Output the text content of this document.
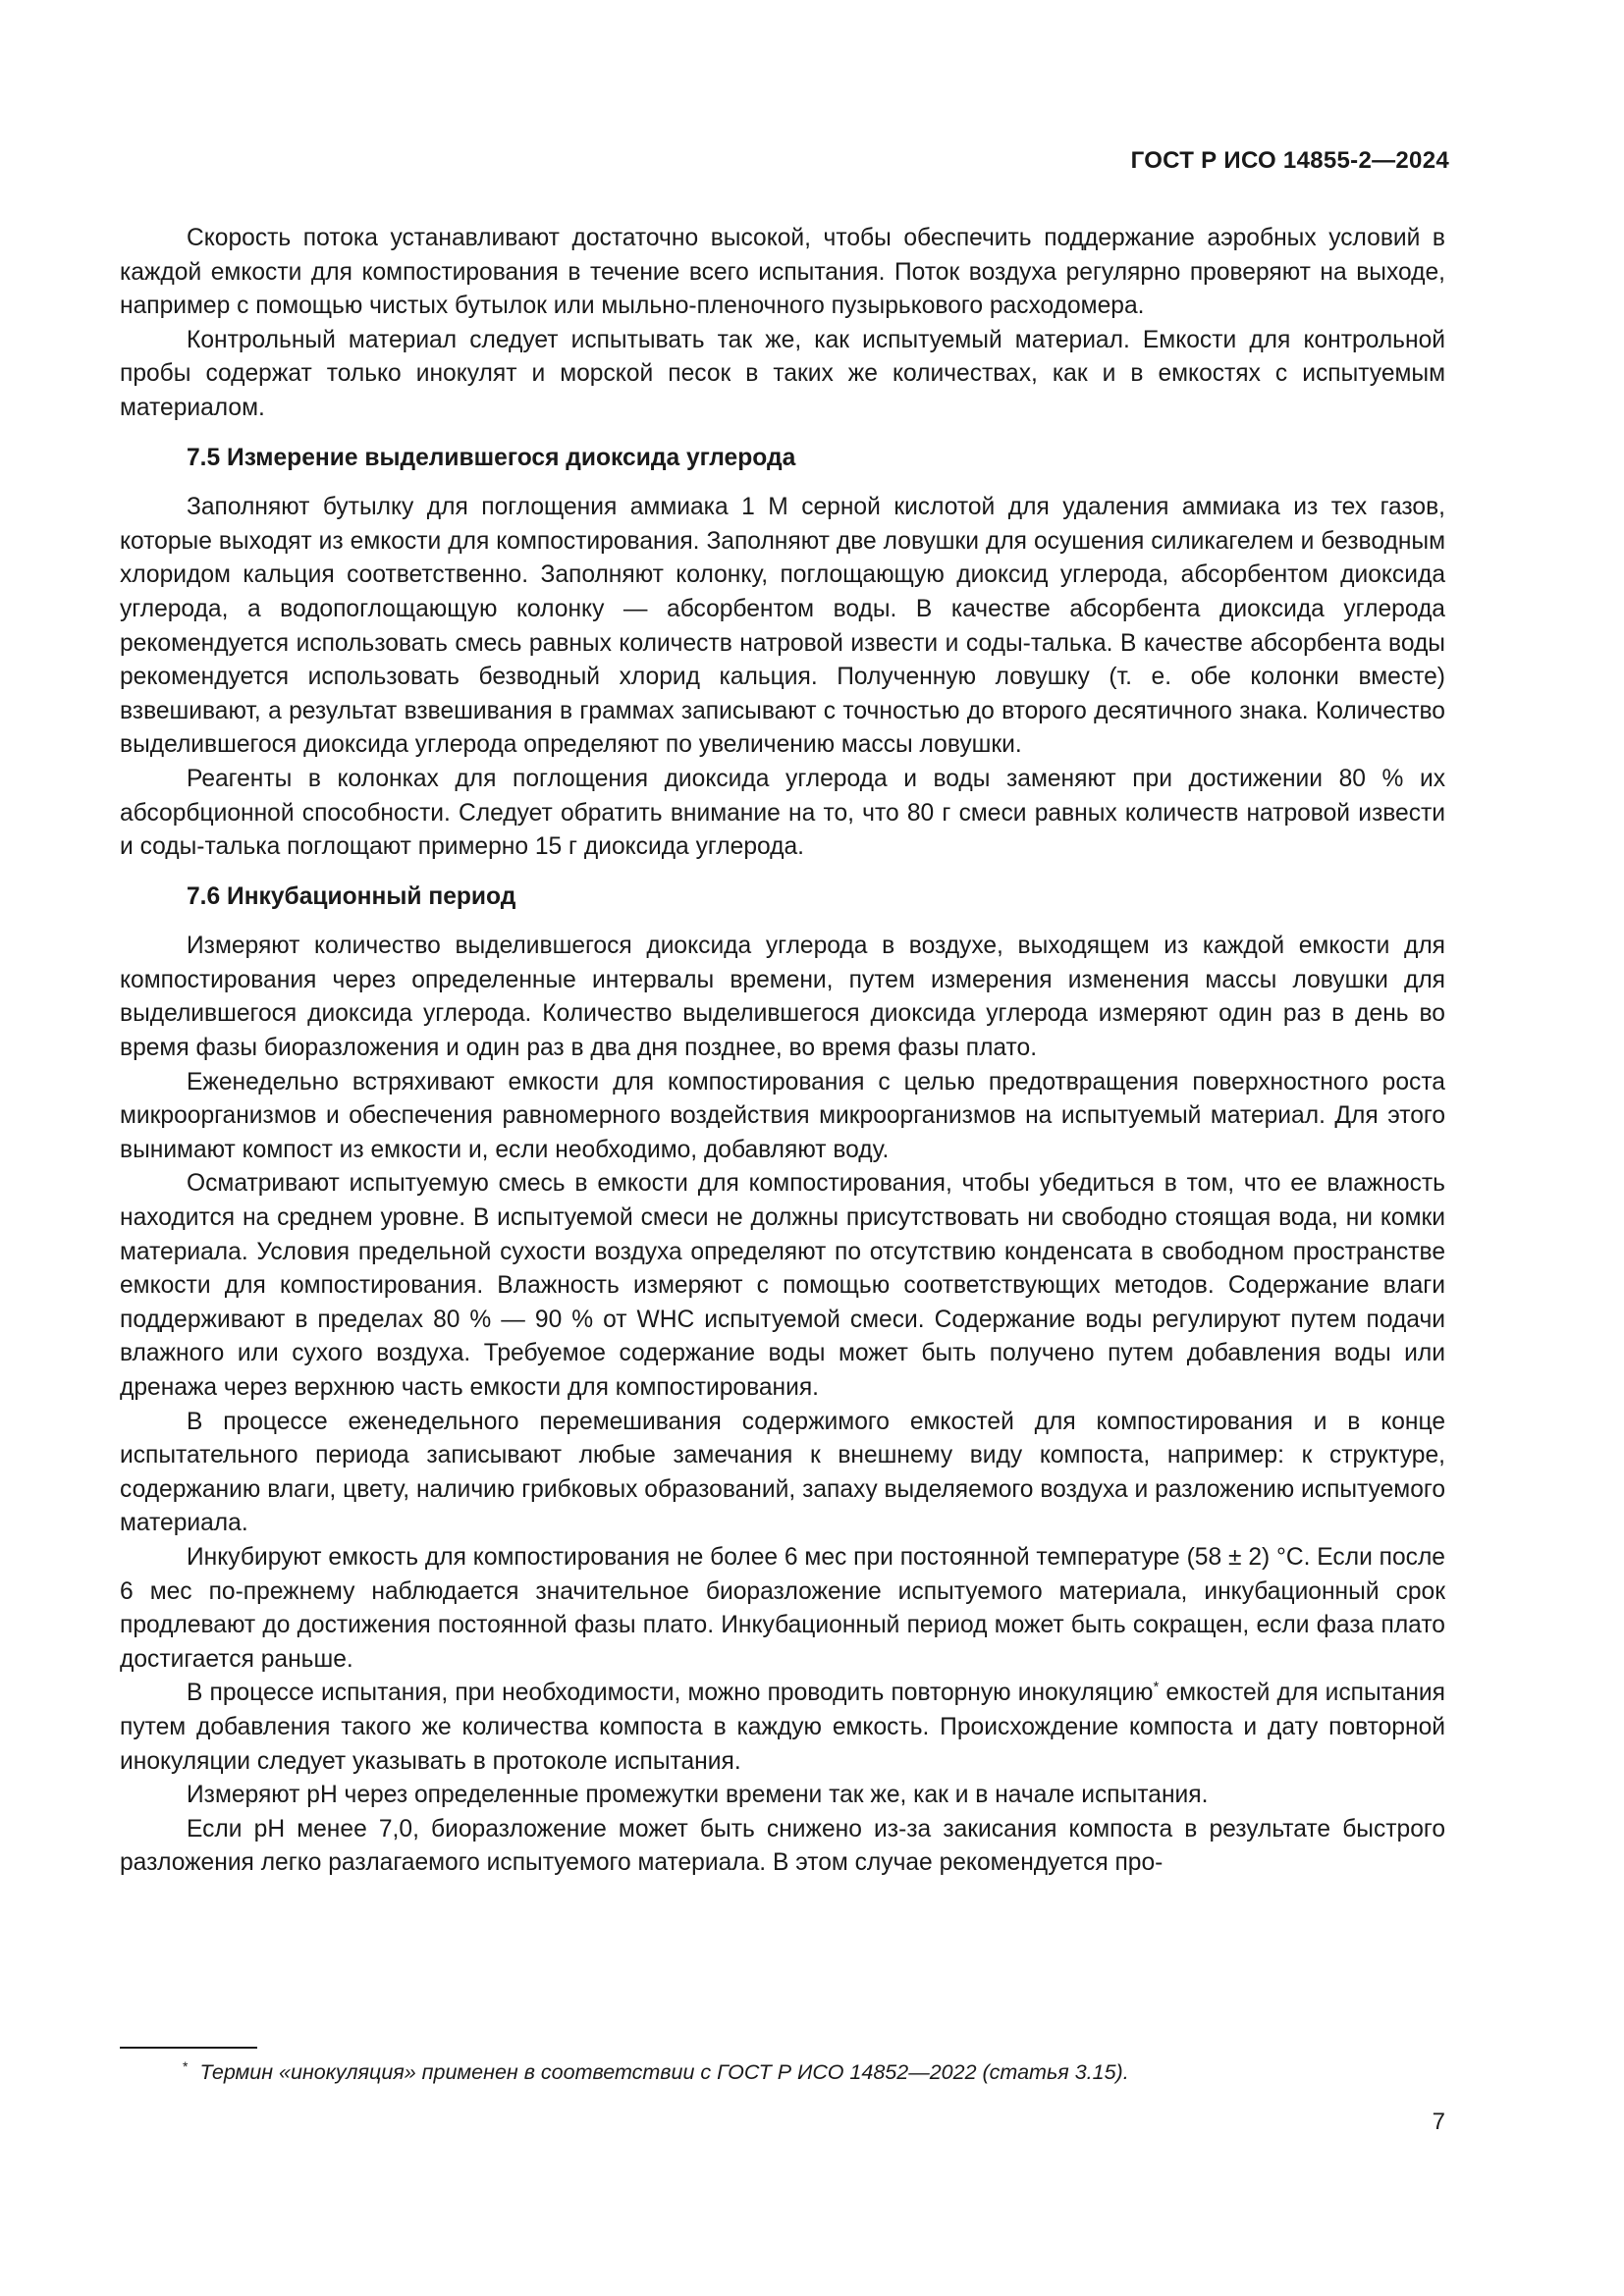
ГОСТ Р ИСО 14855-2—2024

Скорость потока устанавливают достаточно высокой, чтобы обеспечить поддержание аэробных условий в каждой емкости для компостирования в течение всего испытания. Поток воздуха регулярно проверяют на выходе, например с помощью чистых бутылок или мыльно-пленочного пузырькового расходомера.

Контрольный материал следует испытывать так же, как испытуемый материал. Емкости для контрольной пробы содержат только инокулят и морской песок в таких же количествах, как и в емкостях с испытуемым материалом.

7.5 Измерение выделившегося диоксида углерода

Заполняют бутылку для поглощения аммиака 1 М серной кислотой для удаления аммиака из тех газов, которые выходят из емкости для компостирования. Заполняют две ловушки для осушения силикагелем и безводным хлоридом кальция соответственно. Заполняют колонку, поглощающую диоксид углерода, абсорбентом диоксида углерода, а водопоглощающую колонку — абсорбентом воды. В качестве абсорбента диоксида углерода рекомендуется использовать смесь равных количеств натровой извести и соды-талька. В качестве абсорбента воды рекомендуется использовать безводный хлорид кальция. Полученную ловушку (т. е. обе колонки вместе) взвешивают, а результат взвешивания в граммах записывают с точностью до второго десятичного знака. Количество выделившегося диоксида углерода определяют по увеличению массы ловушки.

Реагенты в колонках для поглощения диоксида углерода и воды заменяют при достижении 80 % их абсорбционной способности. Следует обратить внимание на то, что 80 г смеси равных количеств натровой извести и соды-талька поглощают примерно 15 г диоксида углерода.

7.6 Инкубационный период

Измеряют количество выделившегося диоксида углерода в воздухе, выходящем из каждой емкости для компостирования через определенные интервалы времени, путем измерения изменения массы ловушки для выделившегося диоксида углерода. Количество выделившегося диоксида углерода измеряют один раз в день во время фазы биоразложения и один раз в два дня позднее, во время фазы плато.

Еженедельно встряхивают емкости для компостирования с целью предотвращения поверхностного роста микроорганизмов и обеспечения равномерного воздействия микроорганизмов на испытуемый материал. Для этого вынимают компост из емкости и, если необходимо, добавляют воду.

Осматривают испытуемую смесь в емкости для компостирования, чтобы убедиться в том, что ее влажность находится на среднем уровне. В испытуемой смеси не должны присутствовать ни свободно стоящая вода, ни комки материала. Условия предельной сухости воздуха определяют по отсутствию конденсата в свободном пространстве емкости для компостирования. Влажность измеряют с помощью соответствующих методов. Содержание влаги поддерживают в пределах 80 % — 90 % от WHC испытуемой смеси. Содержание воды регулируют путем подачи влажного или сухого воздуха. Требуемое содержание воды может быть получено путем добавления воды или дренажа через верхнюю часть емкости для компостирования.

В процессе еженедельного перемешивания содержимого емкостей для компостирования и в конце испытательного периода записывают любые замечания к внешнему виду компоста, например: к структуре, содержанию влаги, цвету, наличию грибковых образований, запаху выделяемого воздуха и разложению испытуемого материала.

Инкубируют емкость для компостирования не более 6 мес при постоянной температуре (58 ± 2) °С. Если после 6 мес по-прежнему наблюдается значительное биоразложение испытуемого материала, инкубационный срок продлевают до достижения постоянной фазы плато. Инкубационный период может быть сокращен, если фаза плато достигается раньше.

В процессе испытания, при необходимости, можно проводить повторную инокуляцию* емкостей для испытания путем добавления такого же количества компоста в каждую емкость. Происхождение компоста и дату повторной инокуляции следует указывать в протоколе испытания.

Измеряют pH через определенные промежутки времени так же, как и в начале испытания.

Если pH менее 7,0, биоразложение может быть снижено из-за закисания компоста в результате быстрого разложения легко разлагаемого испытуемого материала. В этом случае рекомендуется про-

* Термин «инокуляция» применен в соответствии с ГОСТ Р ИСО 14852—2022 (статья 3.15).
7
